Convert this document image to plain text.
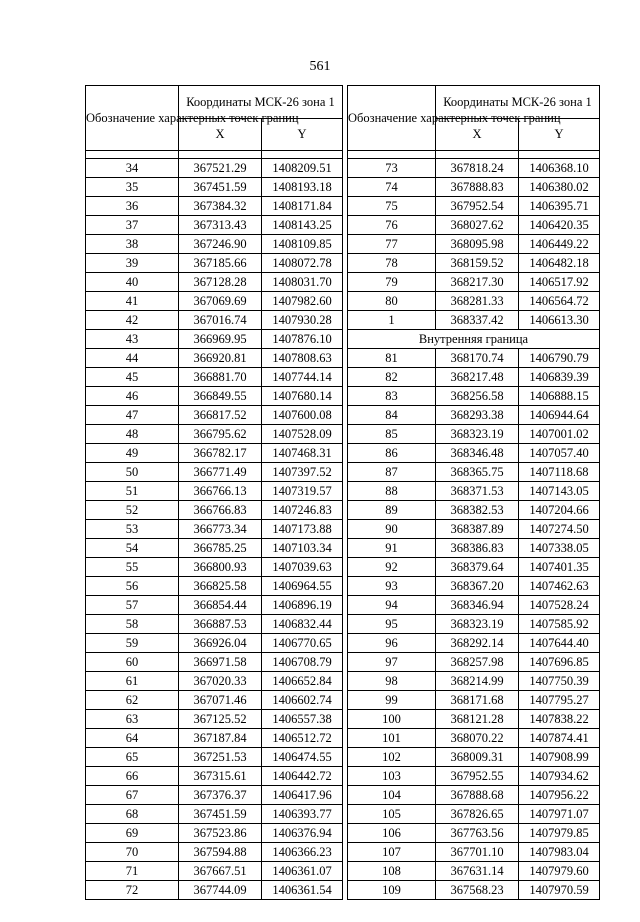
561
Обозначение характерных точек границ	Координаты МСК-26 зона 1	
	X	Y

34	367521.29	1408209.51
35	367451.59	1408193.18
36	367384.32	1408171.84
37	367313.43	1408143.25
38	367246.90	1408109.85
39	367185.66	1408072.78
40	367128.28	1408031.70
41	367069.69	1407982.60
42	367016.74	1407930.28
43	366969.95	1407876.10
44	366920.81	1407808.63
45	366881.70	1407744.14
46	366849.55	1407680.14
47	366817.52	1407600.08
48	366795.62	1407528.09
49	366782.17	1407468.31
50	366771.49	1407397.52
51	366766.13	1407319.57
52	366766.83	1407246.83
53	366773.34	1407173.88
54	366785.25	1407103.34
55	366800.93	1407039.63
56	366825.58	1406964.55
57	366854.44	1406896.19
58	366887.53	1406832.44
59	366926.04	1406770.65
60	366971.58	1406708.79
61	367020.33	1406652.84
62	367071.46	1406602.74
63	367125.52	1406557.38
64	367187.84	1406512.72
65	367251.53	1406474.55
66	367315.61	1406442.72
67	367376.37	1406417.96
68	367451.59	1406393.77
69	367523.86	1406376.94
70	367594.88	1406366.23
71	367667.51	1406361.07
72	367744.09	1406361.54
Обозначение характерных точек границ	Координаты МСК-26 зона 1	
	X	Y

73	367818.24	1406368.10
74	367888.83	1406380.02
75	367952.54	1406395.71
76	368027.62	1406420.35
77	368095.98	1406449.22
78	368159.52	1406482.18
79	368217.30	1406517.92
80	368281.33	1406564.72
1	368337.42	1406613.30
Внутренняя граница		
81	368170.74	1406790.79
82	368217.48	1406839.39
83	368256.58	1406888.15
84	368293.38	1406944.64
85	368323.19	1407001.02
86	368346.48	1407057.40
87	368365.75	1407118.68
88	368371.53	1407143.05
89	368382.53	1407204.66
90	368387.89	1407274.50
91	368386.83	1407338.05
92	368379.64	1407401.35
93	368367.20	1407462.63
94	368346.94	1407528.24
95	368323.19	1407585.92
96	368292.14	1407644.40
97	368257.98	1407696.85
98	368214.99	1407750.39
99	368171.68	1407795.27
100	368121.28	1407838.22
101	368070.22	1407874.41
102	368009.31	1407908.99
103	367952.55	1407934.62
104	367888.68	1407956.22
105	367826.65	1407971.07
106	367763.56	1407979.85
107	367701.10	1407983.04
108	367631.14	1407979.60
109	367568.23	1407970.59
